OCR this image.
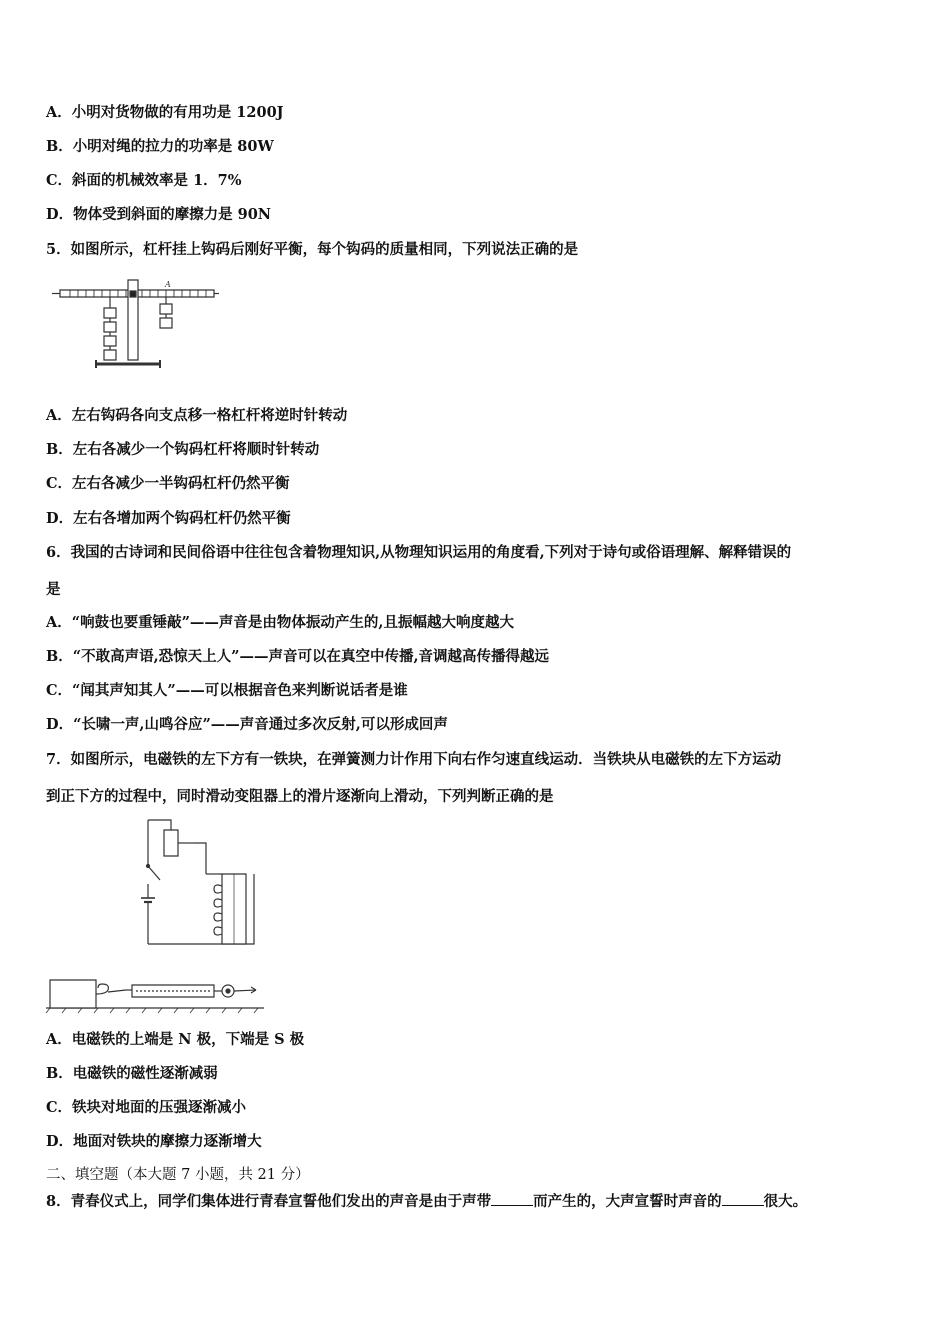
A．小明对货物做的有用功是 1200J
B．小明对绳的拉力的功率是 80W
C．斜面的机械效率是 1．7%
D．物体受到斜面的摩擦力是 90N
5．如图所示，杠杆挂上钩码后刚好平衡，每个钩码的质量相同，下列说法正确的是
A
A．左右钩码各向支点移一格杠杆将逆时针转动
B．左右各减少一个钩码杠杆将顺时针转动
C．左右各减少一半钩码杠杆仍然平衡
D．左右各增加两个钩码杠杆仍然平衡
6．我国的古诗词和民间俗语中往往包含着物理知识,从物理知识运用的角度看,下列对于诗句或俗语理解、解释错误的
是
A．“响鼓也要重锤敲”——声音是由物体振动产生的,且振幅越大响度越大
B．“不敢高声语,恐惊天上人”——声音可以在真空中传播,音调越高传播得越远
C．“闻其声知其人”——可以根据音色来判断说话者是谁
D．“长啸一声,山鸣谷应”——声音通过多次反射,可以形成回声
7．如图所示，电磁铁的左下方有一铁块，在弹簧测力计作用下向右作匀速直线运动．当铁块从电磁铁的左下方运动
到正下方的过程中，同时滑动变阻器上的滑片逐渐向上滑动，下列判断正确的是
A．电磁铁的上端是 N 极，下端是 S 极
B．电磁铁的磁性逐渐减弱
C．铁块对地面的压强逐渐减小
D．地面对铁块的摩擦力逐渐增大
二、填空题（本大题 7 小题，共 21 分）
8．青春仪式上，同学们集体进行青春宣誓他们发出的声音是由于声带	而产生的，大声宣誓时声音的	很大。
